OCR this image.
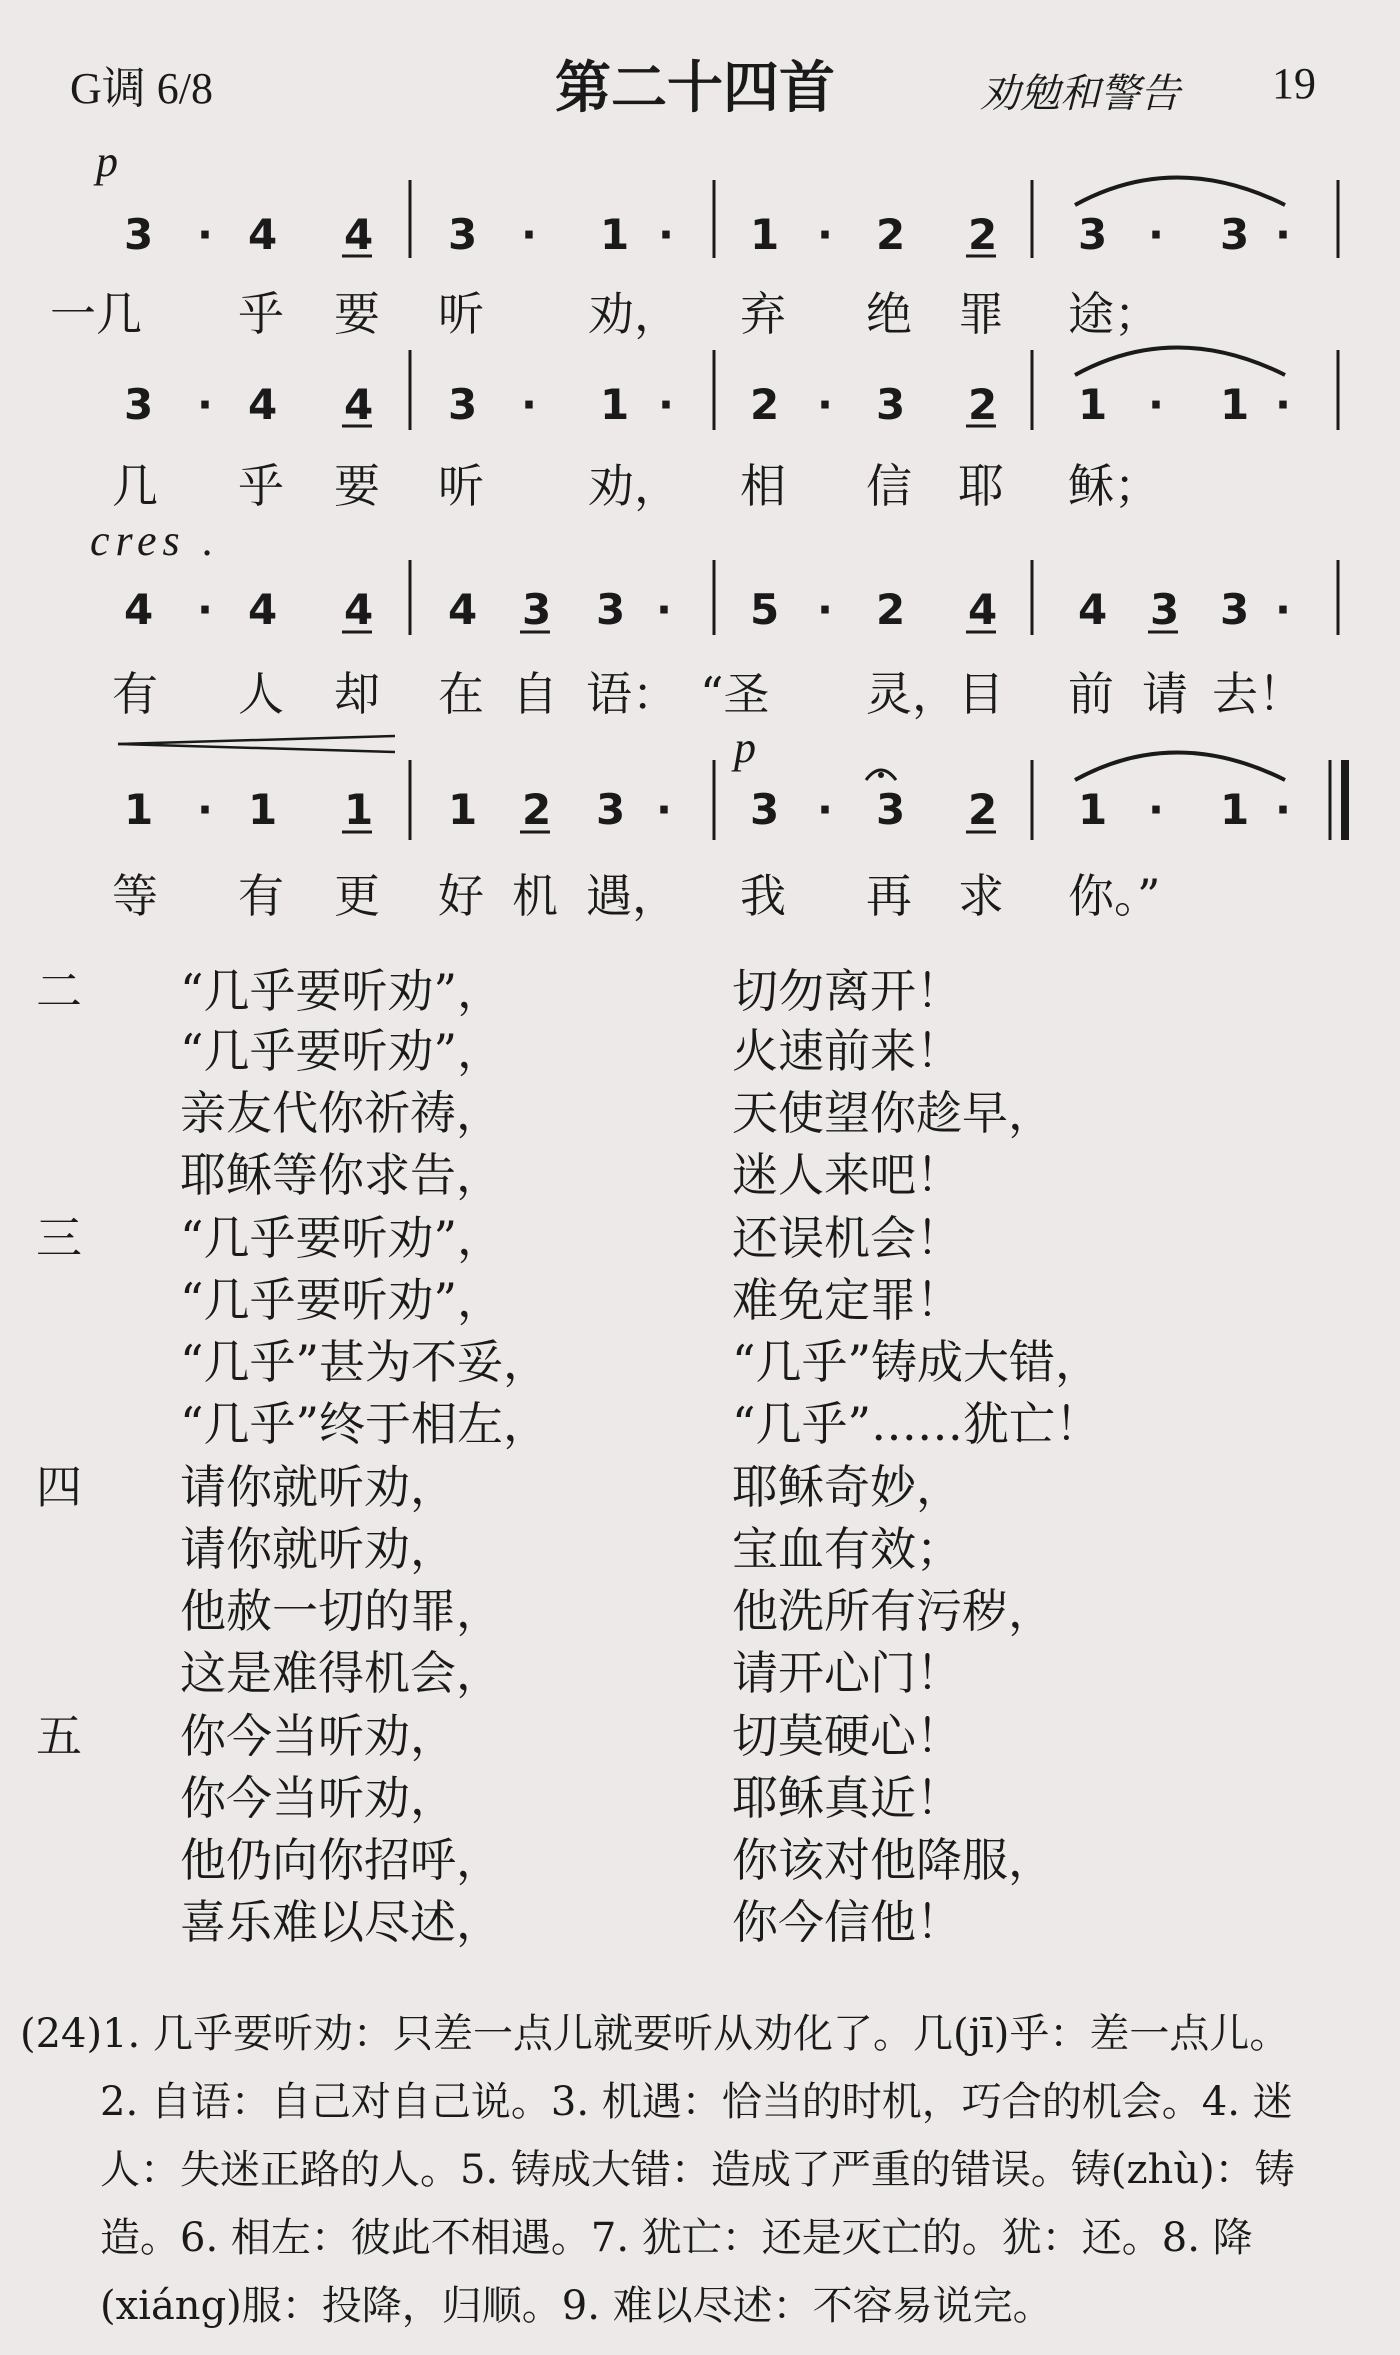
G调 6/8	第二十四首	劝勉和警告 19
p
cres .
p
3 · 4 4 3 · 1 · 1 · 2 2 3 · 3 ·
一几 乎 要 听 劝， 弃 绝 罪 途；
3 · 4 4 3 · 1 · 2 · 3 2 1 · 1 ·
几 乎 要 听 劝， 相 信 耶 稣；
4 · 4 4 4 3 3 · 5 · 2 4 4 3 3 ·
有 人 却 在 自 语： “圣 灵， 目 前 请 去！
1 · 1 1 1 2 3 · 3 · 3 2 1 · 1 ·
等 有 更 好 机 遇， 我 再 求 你。”
二 “几乎要听劝”，
“几乎要听劝”，
亲友代你祈祷，
耶稣等你求告，
切勿离开！
火速前来！
天使望你趁早，
迷人来吧！
三 “几乎要听劝”，
“几乎要听劝”，
“几乎”甚为不妥，
“几乎”终于相左，
还误机会！
难免定罪！
“几乎”铸成大错，
“几乎”……犹亡！
四 请你就听劝，
请你就听劝，
他赦一切的罪，
这是难得机会，
耶稣奇妙，
宝血有效；
他洗所有污秽，
请开心门！
五 你今当听劝，
你今当听劝，
他仍向你招呼，
喜乐难以尽述，
切莫硬心！
耶稣真近！
你该对他降服，
你今信他！
(24)1. 几乎要听劝：只差一点儿就要听从劝化了。几(jī)乎：差一点儿。
2. 自语：自己对自己说。3. 机遇：恰当的时机，巧合的机会。4. 迷
人：失迷正路的人。5. 铸成大错：造成了严重的错误。铸(zhù)：铸
造。6. 相左：彼此不相遇。7. 犹亡：还是灭亡的。犹：还。8. 降
(xiáng)服：投降，归顺。9. 难以尽述：不容易说完。
